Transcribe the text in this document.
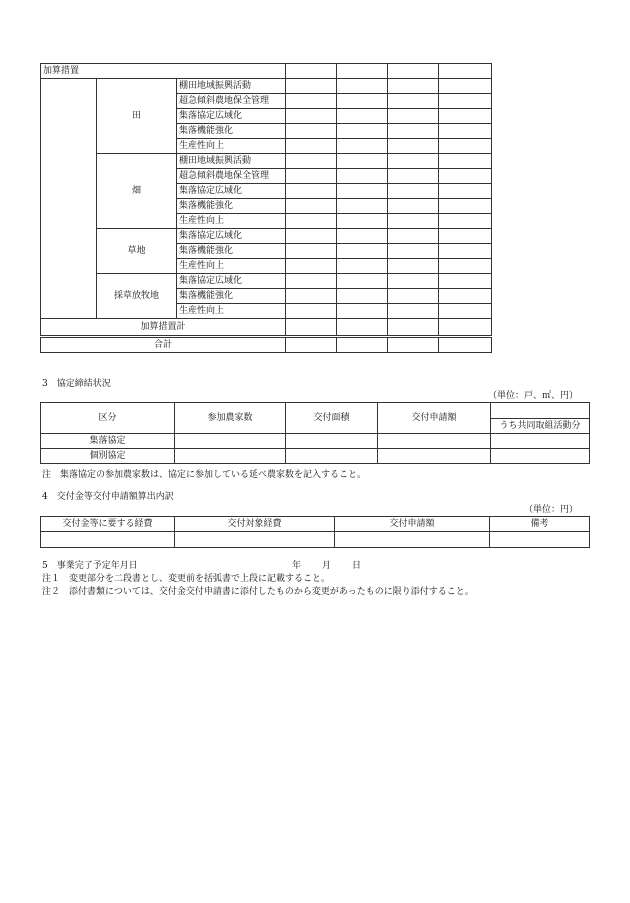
加算措置						
	田	棚田地域振興活動				
		超急傾斜農地保全管理				
		集落協定広域化				
		集落機能強化				
		生産性向上				
	畑	棚田地域振興活動				
		超急傾斜農地保全管理				
		集落協定広域化				
		集落機能強化				
		生産性向上				
	草地	集落協定広域化				
		集落機能強化				
		生産性向上				
	採草放牧地	集落協定広域化				
		集落機能強化				
		生産性向上				
加算措置計						
合計						
3　協定締結状況
（単位：戸、㎡、円）
区分	参加農家数	交付面積	交付申請額	
				うち共同取組活動分
集落協定				
個別協定				
注　集落協定の参加農家数は、協定に参加している延べ農家数を記入すること。
4　交付金等交付申請額算出内訳
（単位：円）
交付金等に要する経費	交付対象経費	交付申請額	備考

5　事業完了予定年月日	年 月 日
注１　変更部分を二段書とし、変更前を括弧書で上段に記載すること。
注２　添付書類については、交付金交付申請書に添付したものから変更があったものに限り添付すること。
